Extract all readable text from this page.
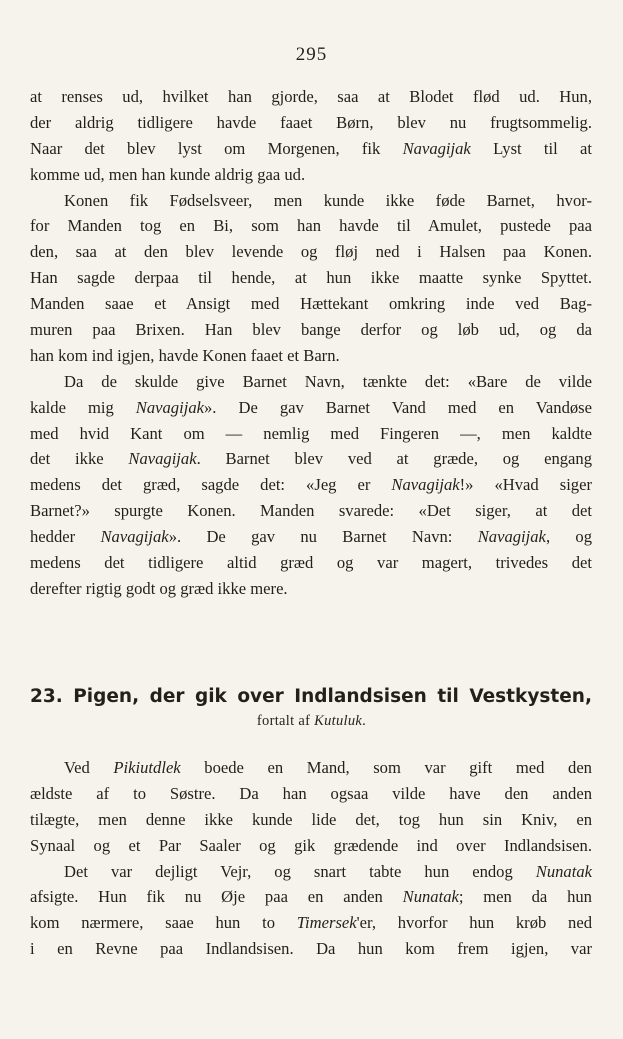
295
at renses ud, hvilket han gjorde, saa at Blodet flød ud. Hun,
der aldrig tidligere havde faaet Børn, blev nu frugtsommelig.
Naar det blev lyst om Morgenen, fik Navagijak Lyst til at
komme ud, men han kunde aldrig gaa ud.
Konen fik Fødselsveer, men kunde ikke føde Barnet, hvor-
for Manden tog en Bi, som han havde til Amulet, pustede paa
den, saa at den blev levende og fløj ned i Halsen paa Konen.
Han sagde derpaa til hende, at hun ikke maatte synke Spyttet.
Manden saae et Ansigt med Hættekant omkring inde ved Bag-
muren paa Brixen. Han blev bange derfor og løb ud, og da
han kom ind igjen, havde Konen faaet et Barn.
Da de skulde give Barnet Navn, tænkte det: «Bare de vilde
kalde mig Navagijak». De gav Barnet Vand med en Vandøse
med hvid Kant om — nemlig med Fingeren —, men kaldte
det ikke Navagijak. Barnet blev ved at græde, og engang
medens det græd, sagde det: «Jeg er Navagijak!» «Hvad siger
Barnet?» spurgte Konen. Manden svarede: «Det siger, at det
hedder Navagijak». De gav nu Barnet Navn: Navagijak, og
medens det tidligere altid græd og var magert, trivedes det
derefter rigtig godt og græd ikke mere.
23. Pigen, der gik over Indlandsisen til Vestkysten,
fortalt af Kutuluk.
Ved Pikiutdlek boede en Mand, som var gift med den
ældste af to Søstre. Da han ogsaa vilde have den anden
tilægte, men denne ikke kunde lide det, tog hun sin Kniv, en
Synaal og et Par Saaler og gik grædende ind over Indlandsisen.
Det var dejligt Vejr, og snart tabte hun endog Nunatak
afsigte. Hun fik nu Øje paa en anden Nunatak; men da hun
kom nærmere, saae hun to Timersek'er, hvorfor hun krøb ned
i en Revne paa Indlandsisen. Da hun kom frem igjen, var
